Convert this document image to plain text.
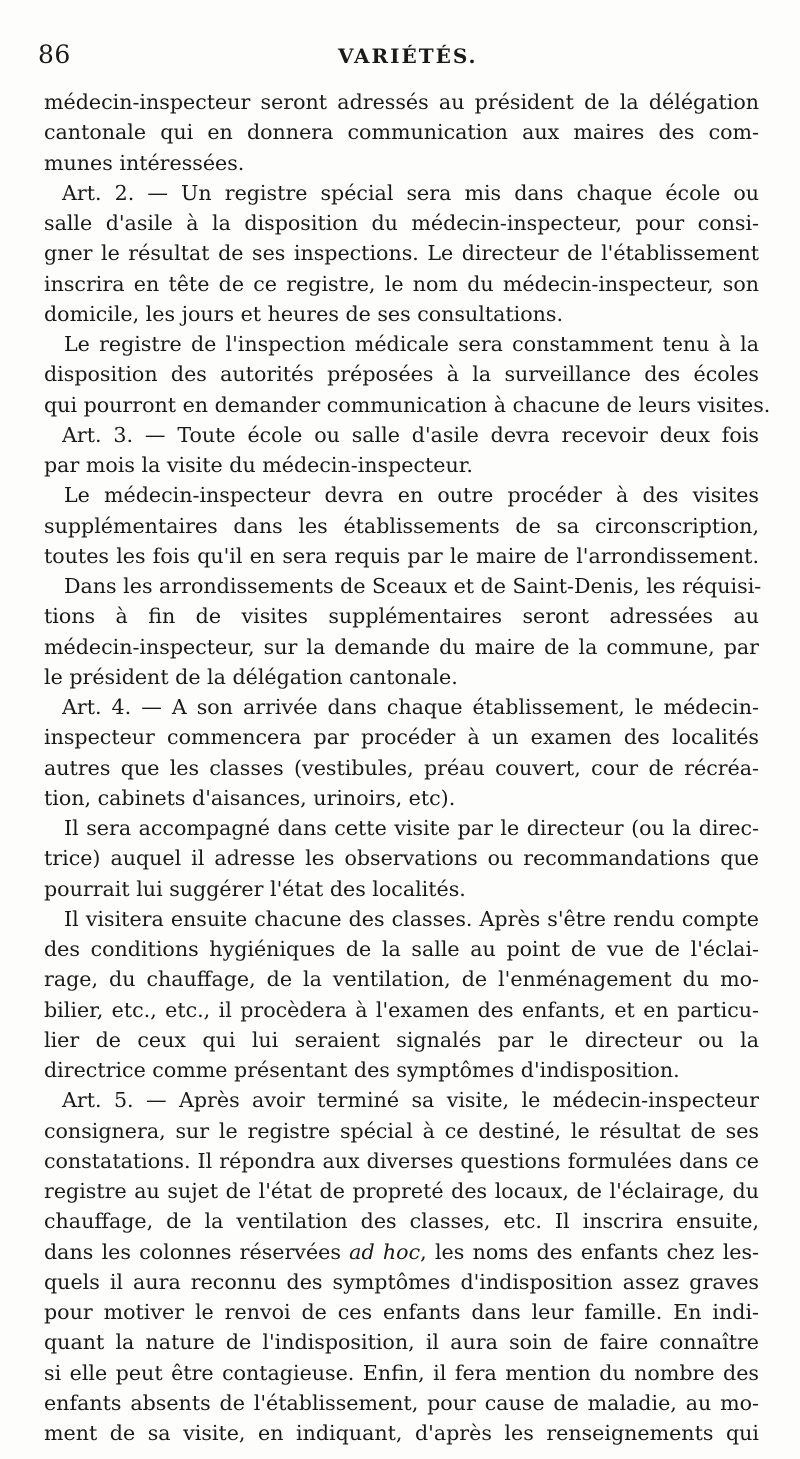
86	VARIÉTÉS.
médecin-inspecteur seront adressés au président de la délégation
cantonale qui en donnera communication aux maires des com-
munes intéressées.
Art. 2. — Un registre spécial sera mis dans chaque école ou
salle d'asile à la disposition du médecin-inspecteur, pour consi-
gner le résultat de ses inspections. Le directeur de l'établissement
inscrira en tête de ce registre, le nom du médecin-inspecteur, son
domicile, les jours et heures de ses consultations.
Le registre de l'inspection médicale sera constamment tenu à la
disposition des autorités préposées à la surveillance des écoles
qui pourront en demander communication à chacune de leurs visites.
Art. 3. — Toute école ou salle d'asile devra recevoir deux fois
par mois la visite du médecin-inspecteur.
Le médecin-inspecteur devra en outre procéder à des visites
supplémentaires dans les établissements de sa circonscription,
toutes les fois qu'il en sera requis par le maire de l'arrondissement.
Dans les arrondissements de Sceaux et de Saint-Denis, les réquisi-
tions à fin de visites supplémentaires seront adressées au
médecin-inspecteur, sur la demande du maire de la commune, par
le président de la délégation cantonale.
Art. 4. — A son arrivée dans chaque établissement, le médecin-
inspecteur commencera par procéder à un examen des localités
autres que les classes (vestibules, préau couvert, cour de récréa-
tion, cabinets d'aisances, urinoirs, etc).
Il sera accompagné dans cette visite par le directeur (ou la direc-
trice) auquel il adresse les observations ou recommandations que
pourrait lui suggérer l'état des localités.
Il visitera ensuite chacune des classes. Après s'être rendu compte
des conditions hygiéniques de la salle au point de vue de l'éclai-
rage, du chauffage, de la ventilation, de l'enménagement du mo-
bilier, etc., etc., il procèdera à l'examen des enfants, et en particu-
lier de ceux qui lui seraient signalés par le directeur ou la
directrice comme présentant des symptômes d'indisposition.
Art. 5. — Après avoir terminé sa visite, le médecin-inspecteur
consignera, sur le registre spécial à ce destiné, le résultat de ses
constatations. Il répondra aux diverses questions formulées dans ce
registre au sujet de l'état de propreté des locaux, de l'éclairage, du
chauffage, de la ventilation des classes, etc. Il inscrira ensuite,
dans les colonnes réservées ad hoc, les noms des enfants chez les-
quels il aura reconnu des symptômes d'indisposition assez graves
pour motiver le renvoi de ces enfants dans leur famille. En indi-
quant la nature de l'indisposition, il aura soin de faire connaître
si elle peut être contagieuse. Enfin, il fera mention du nombre des
enfants absents de l'établissement, pour cause de maladie, au mo-
ment de sa visite, en indiquant, d'après les renseignements qui
